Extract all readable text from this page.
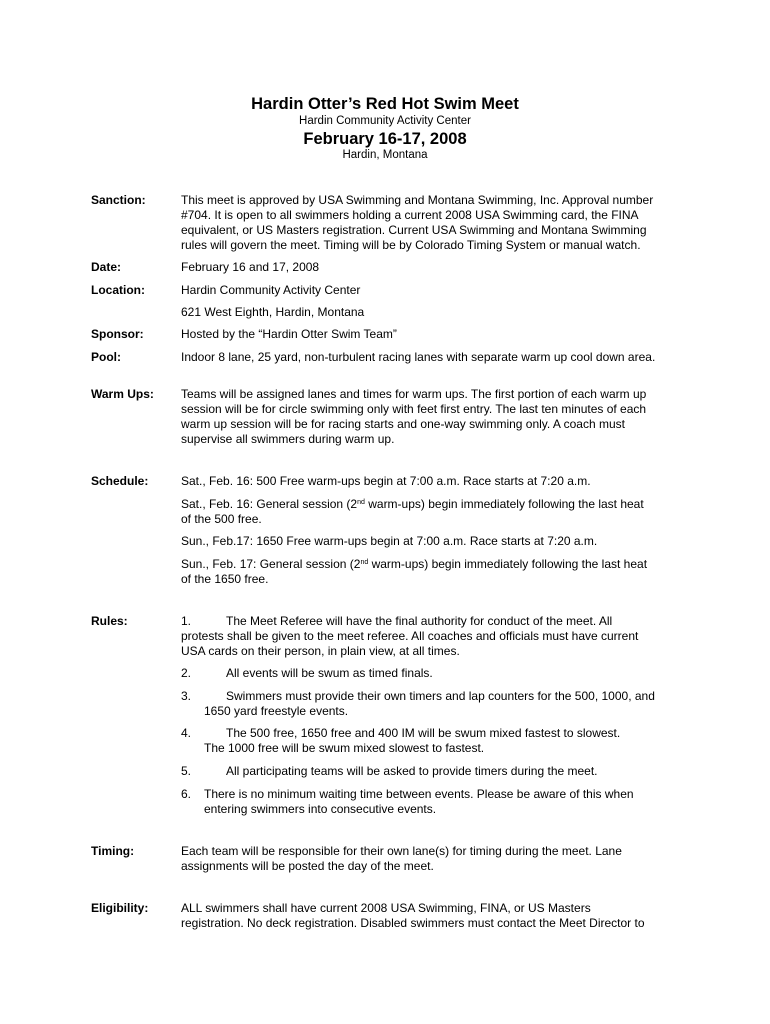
Hardin Otter’s Red Hot Swim Meet
Hardin Community Activity Center
February 16-17, 2008
Hardin, Montana
Sanction:	This meet is approved by USA Swimming and Montana Swimming, Inc. Approval number
#704. It is open to all swimmers holding a current 2008 USA Swimming card, the FINA
equivalent, or US Masters registration. Current USA Swimming and Montana Swimming
rules will govern the meet. Timing will be by Colorado Timing System or manual watch.
Date:	February 16 and 17, 2008
Location:	Hardin Community Activity Center
621 West Eighth, Hardin, Montana
Sponsor:	Hosted by the “Hardin Otter Swim Team”
Pool:	Indoor 8 lane, 25 yard, non-turbulent racing lanes with separate warm up cool down area.
Warm Ups: Teams will be assigned lanes and times for warm ups. The first portion of each warm up
session will be for circle swimming only with feet first entry. The last ten minutes of each
warm up session will be for racing starts and one-way swimming only. A coach must
supervise all swimmers during warm up.
Schedule:	Sat., Feb. 16: 500 Free warm-ups begin at 7:00 a.m. Race starts at 7:20 a.m.
Sat., Feb. 16: General session (2nd warm-ups) begin immediately following the last heat
of the 500 free.
Sun., Feb.17: 1650 Free warm-ups begin at 7:00 a.m. Race starts at 7:20 a.m.
Sun., Feb. 17: General session (2nd warm-ups) begin immediately following the last heat
of the 1650 free.
Rules:	1.	The Meet Referee will have the final authority for conduct of the meet. All
protests shall be given to the meet referee. All coaches and officials must have current
USA cards on their person, in plain view, at all times.
2.	All events will be swum as timed finals.
3.	Swimmers must provide their own timers and lap counters for the 500, 1000, and
1650 yard freestyle events.
4.	The 500 free, 1650 free and 400 IM will be swum mixed fastest to slowest.
The 1000 free will be swum mixed slowest to fastest.
5.	All participating teams will be asked to provide timers during the meet.
6. There is no minimum waiting time between events. Please be aware of this when
entering swimmers into consecutive events.
Timing:	Each team will be responsible for their own lane(s) for timing during the meet. Lane
assignments will be posted the day of the meet.
Eligibility:	ALL swimmers shall have current 2008 USA Swimming, FINA, or US Masters
registration. No deck registration. Disabled swimmers must contact the Meet Director to
